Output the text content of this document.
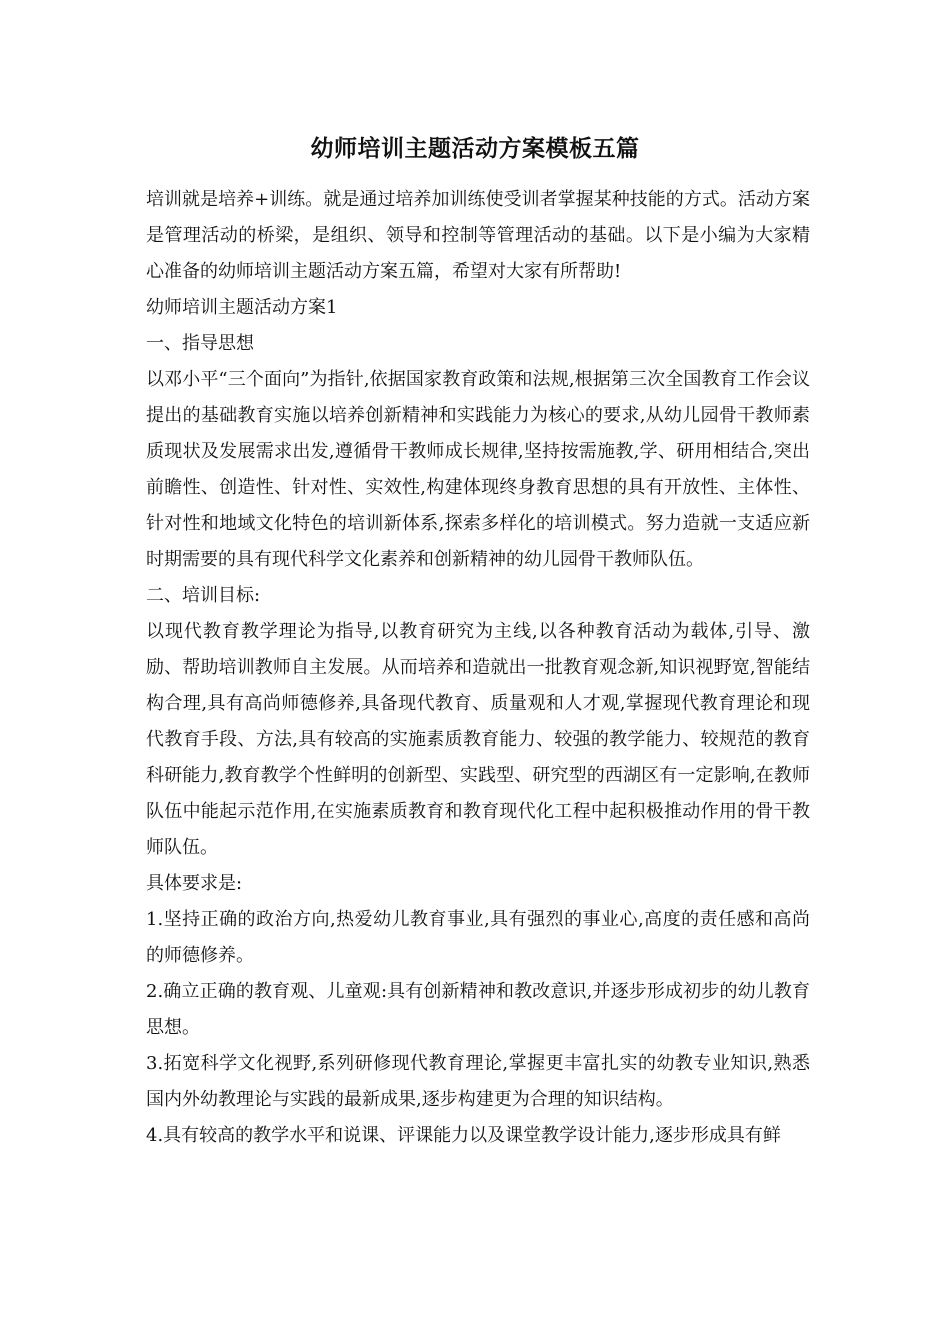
幼师培训主题活动方案模板五篇

培训就是培养+训练。就是通过培养加训练使受训者掌握某种技能的方式。活动方案是管理活动的桥梁，是组织、领导和控制等管理活动的基础。以下是小编为大家精心准备的幼师培训主题活动方案五篇，希望对大家有所帮助!

幼师培训主题活动方案1

一、指导思想

以邓小平“三个面向”为指针,依据国家教育政策和法规,根据第三次全国教育工作会议提出的基础教育实施以培养创新精神和实践能力为核心的要求,从幼儿园骨干教师素质现状及发展需求出发,遵循骨干教师成长规律,坚持按需施教,学、研用相结合,突出前瞻性、创造性、针对性、实效性,构建体现终身教育思想的具有开放性、主体性、针对性和地域文化特色的培训新体系,探索多样化的培训模式。努力造就一支适应新时期需要的具有现代科学文化素养和创新精神的幼儿园骨干教师队伍。

二、培训目标:

以现代教育教学理论为指导,以教育研究为主线,以各种教育活动为载体,引导、激励、帮助培训教师自主发展。从而培养和造就出一批教育观念新,知识视野宽,智能结构合理,具有高尚师德修养,具备现代教育、质量观和人才观,掌握现代教育理论和现代教育手段、方法,具有较高的实施素质教育能力、较强的教学能力、较规范的教育科研能力,教育教学个性鲜明的创新型、实践型、研究型的西湖区有一定影响,在教师队伍中能起示范作用,在实施素质教育和教育现代化工程中起积极推动作用的骨干教师队伍。

具体要求是:

1.坚持正确的政治方向,热爱幼儿教育事业,具有强烈的事业心,高度的责任感和高尚的师德修养。

2.确立正确的教育观、儿童观:具有创新精神和教改意识,并逐步形成初步的幼儿教育思想。

3.拓宽科学文化视野,系列研修现代教育理论,掌握更丰富扎实的幼教专业知识,熟悉国内外幼教理论与实践的最新成果,逐步构建更为合理的知识结构。

4.具有较高的教学水平和说课、评课能力以及课堂教学设计能力,逐步形成具有鲜
